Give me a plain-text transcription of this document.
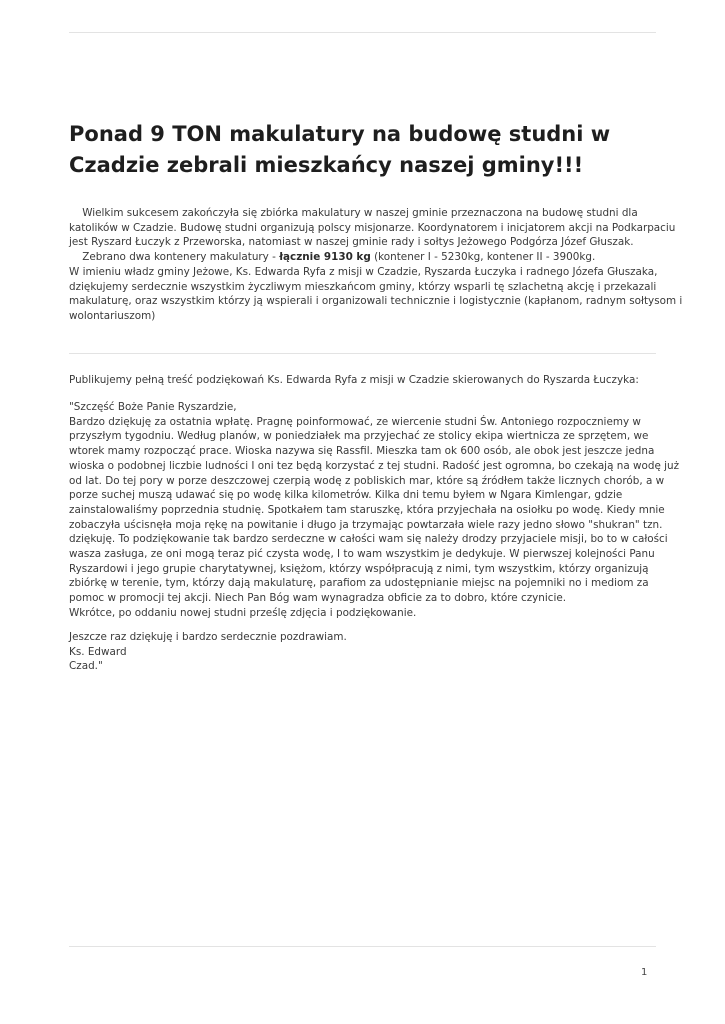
Ponad 9 TON makulatury na budowę studni w
Czadzie zebrali mieszkańcy naszej gminy!!!
Wielkim sukcesem zakończyła się zbiórka makulatury w naszej gminie przeznaczona na budowę studni dla
katolików w Czadzie. Budowę studni organizują polscy misjonarze. Koordynatorem i inicjatorem akcji na Podkarpaciu
jest Ryszard Łuczyk z Przeworska, natomiast w naszej gminie rady i sołtys Jeżowego Podgórza Józef Głuszak.
Zebrano dwa kontenery makulatury - łącznie 9130 kg (kontener I - 5230kg, kontener II - 3900kg.
W imieniu władz gminy Jeżowe, Ks. Edwarda Ryfa z misji w Czadzie, Ryszarda Łuczyka i radnego Józefa Głuszaka,
dziękujemy serdecznie wszystkim życzliwym mieszkańcom gminy, którzy wsparli tę szlachetną akcję i przekazali
makulaturę, oraz wszystkim którzy ją wspierali i organizowali technicznie i logistycznie (kapłanom, radnym sołtysom i
wolontariuszom)
Publikujemy pełną treść podziękowań Ks. Edwarda Ryfa z misji w Czadzie skierowanych do Ryszarda Łuczyka:
"Szczęść Boże Panie Ryszardzie,
Bardzo dziękuję za ostatnia wpłatę. Pragnę poinformować, ze wiercenie studni Św. Antoniego rozpoczniemy w
przyszłym tygodniu. Według planów, w poniedziałek ma przyjechać ze stolicy ekipa wiertnicza ze sprzętem, we
wtorek mamy rozpocząć prace. Wioska nazywa się Rassfil. Mieszka tam ok 600 osób, ale obok jest jeszcze jedna
wioska o podobnej liczbie ludności I oni tez będą korzystać z tej studni. Radość jest ogromna, bo czekają na wodę już
od lat. Do tej pory w porze deszczowej czerpią wodę z pobliskich mar, które są źródłem także licznych chorób, a w
porze suchej muszą udawać się po wodę kilka kilometrów. Kilka dni temu byłem w Ngara Kimlengar, gdzie
zainstalowaliśmy poprzednia studnię. Spotkałem tam staruszkę, która przyjechała na osiołku po wodę. Kiedy mnie
zobaczyła uścisnęła moja rękę na powitanie i długo ja trzymając powtarzała wiele razy jedno słowo "shukran" tzn.
dziękuję. To podziękowanie tak bardzo serdeczne w całości wam się należy drodzy przyjaciele misji, bo to w całości
wasza zasługa, ze oni mogą teraz pić czysta wodę, I to wam wszystkim je dedykuje. W pierwszej kolejności Panu
Ryszardowi i jego grupie charytatywnej, księżom, którzy współpracują z nimi, tym wszystkim, którzy organizują
zbiórkę w terenie, tym, którzy dają makulaturę, parafiom za udostępnianie miejsc na pojemniki no i mediom za
pomoc w promocji tej akcji. Niech Pan Bóg wam wynagradza obficie za to dobro, które czynicie.
Wkrótce, po oddaniu nowej studni prześlę zdjęcia i podziękowanie.
Jeszcze raz dziękuję i bardzo serdecznie pozdrawiam.
Ks. Edward
Czad."
1
